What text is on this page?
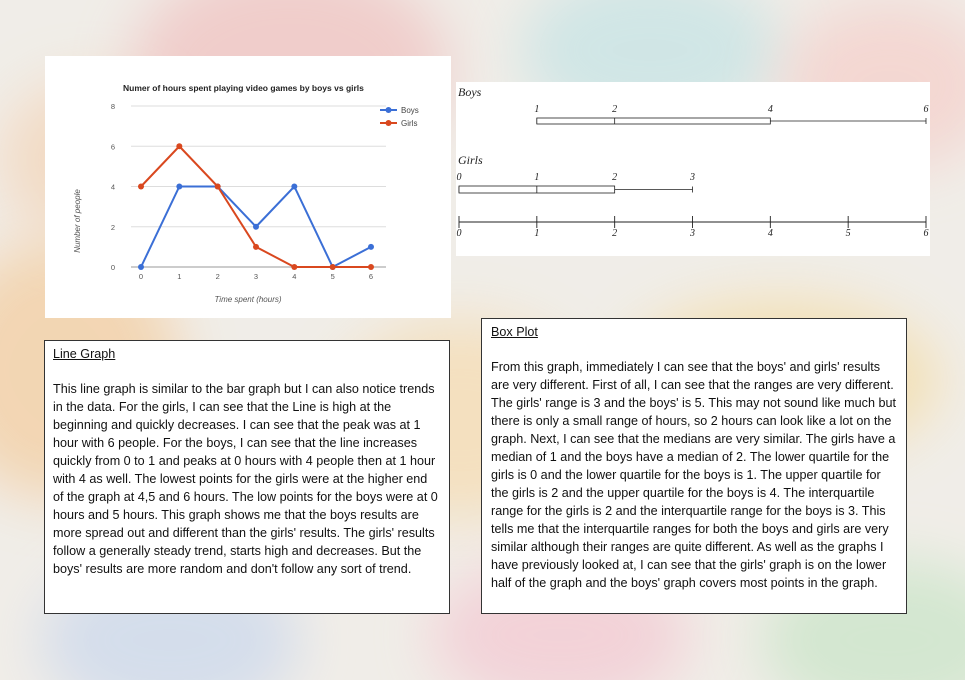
Numer of hours spent playing video games by boys vs girls
Number of people
Time spent (hours)
0
2
4
6
8
0	1	2	3	4	5	6
Boys
Girls
Boys
Girls
1	2	4	6
0	1	2	3
0	1	2	3	4	5	6

Line Graph

This line graph is similar to the bar graph but I can also notice trends in the data. For the girls, I can see that the Line is high at the beginning and quickly decreases. I can see that the peak was at 1 hour with 6 people. For the boys, I can see that the line increases quickly from 0 to 1 and peaks at 0 hours with 4 people then at 1 hour with 4 as well. The lowest points for the girls were at the higher end of the graph at 4,5 and 6 hours. The low points for the boys were at 0 hours and 5 hours. This graph shows me that the boys results are more spread out and different than the girls' results. The girls' results follow a generally steady trend, starts high and decreases. But the boys' results are more random and don't follow any sort of trend.

Box Plot

From this graph, immediately I can see that the boys' and girls' results are very different. First of all, I can see that the ranges are very different. The girls' range is 3 and the boys' is 5. This may not sound like much but there is only a small range of hours, so 2 hours can look like a lot on the graph. Next, I can see that the medians are very similar. The girls have a median of 1 and the boys have a median of 2. The lower quartile for the girls is 0 and the lower quartile for the boys is 1. The upper quartile for the girls is 2 and the upper quartile for the boys is 4. The interquartile range for the girls is 2 and the interquartile range for the boys is 3. This tells me that the interquartile ranges for both the boys and girls are very similar although their ranges are quite different. As well as the graphs I have previously looked at, I can see that the girls' graph is on the lower half of the graph and the boys' graph covers most points in the graph.
